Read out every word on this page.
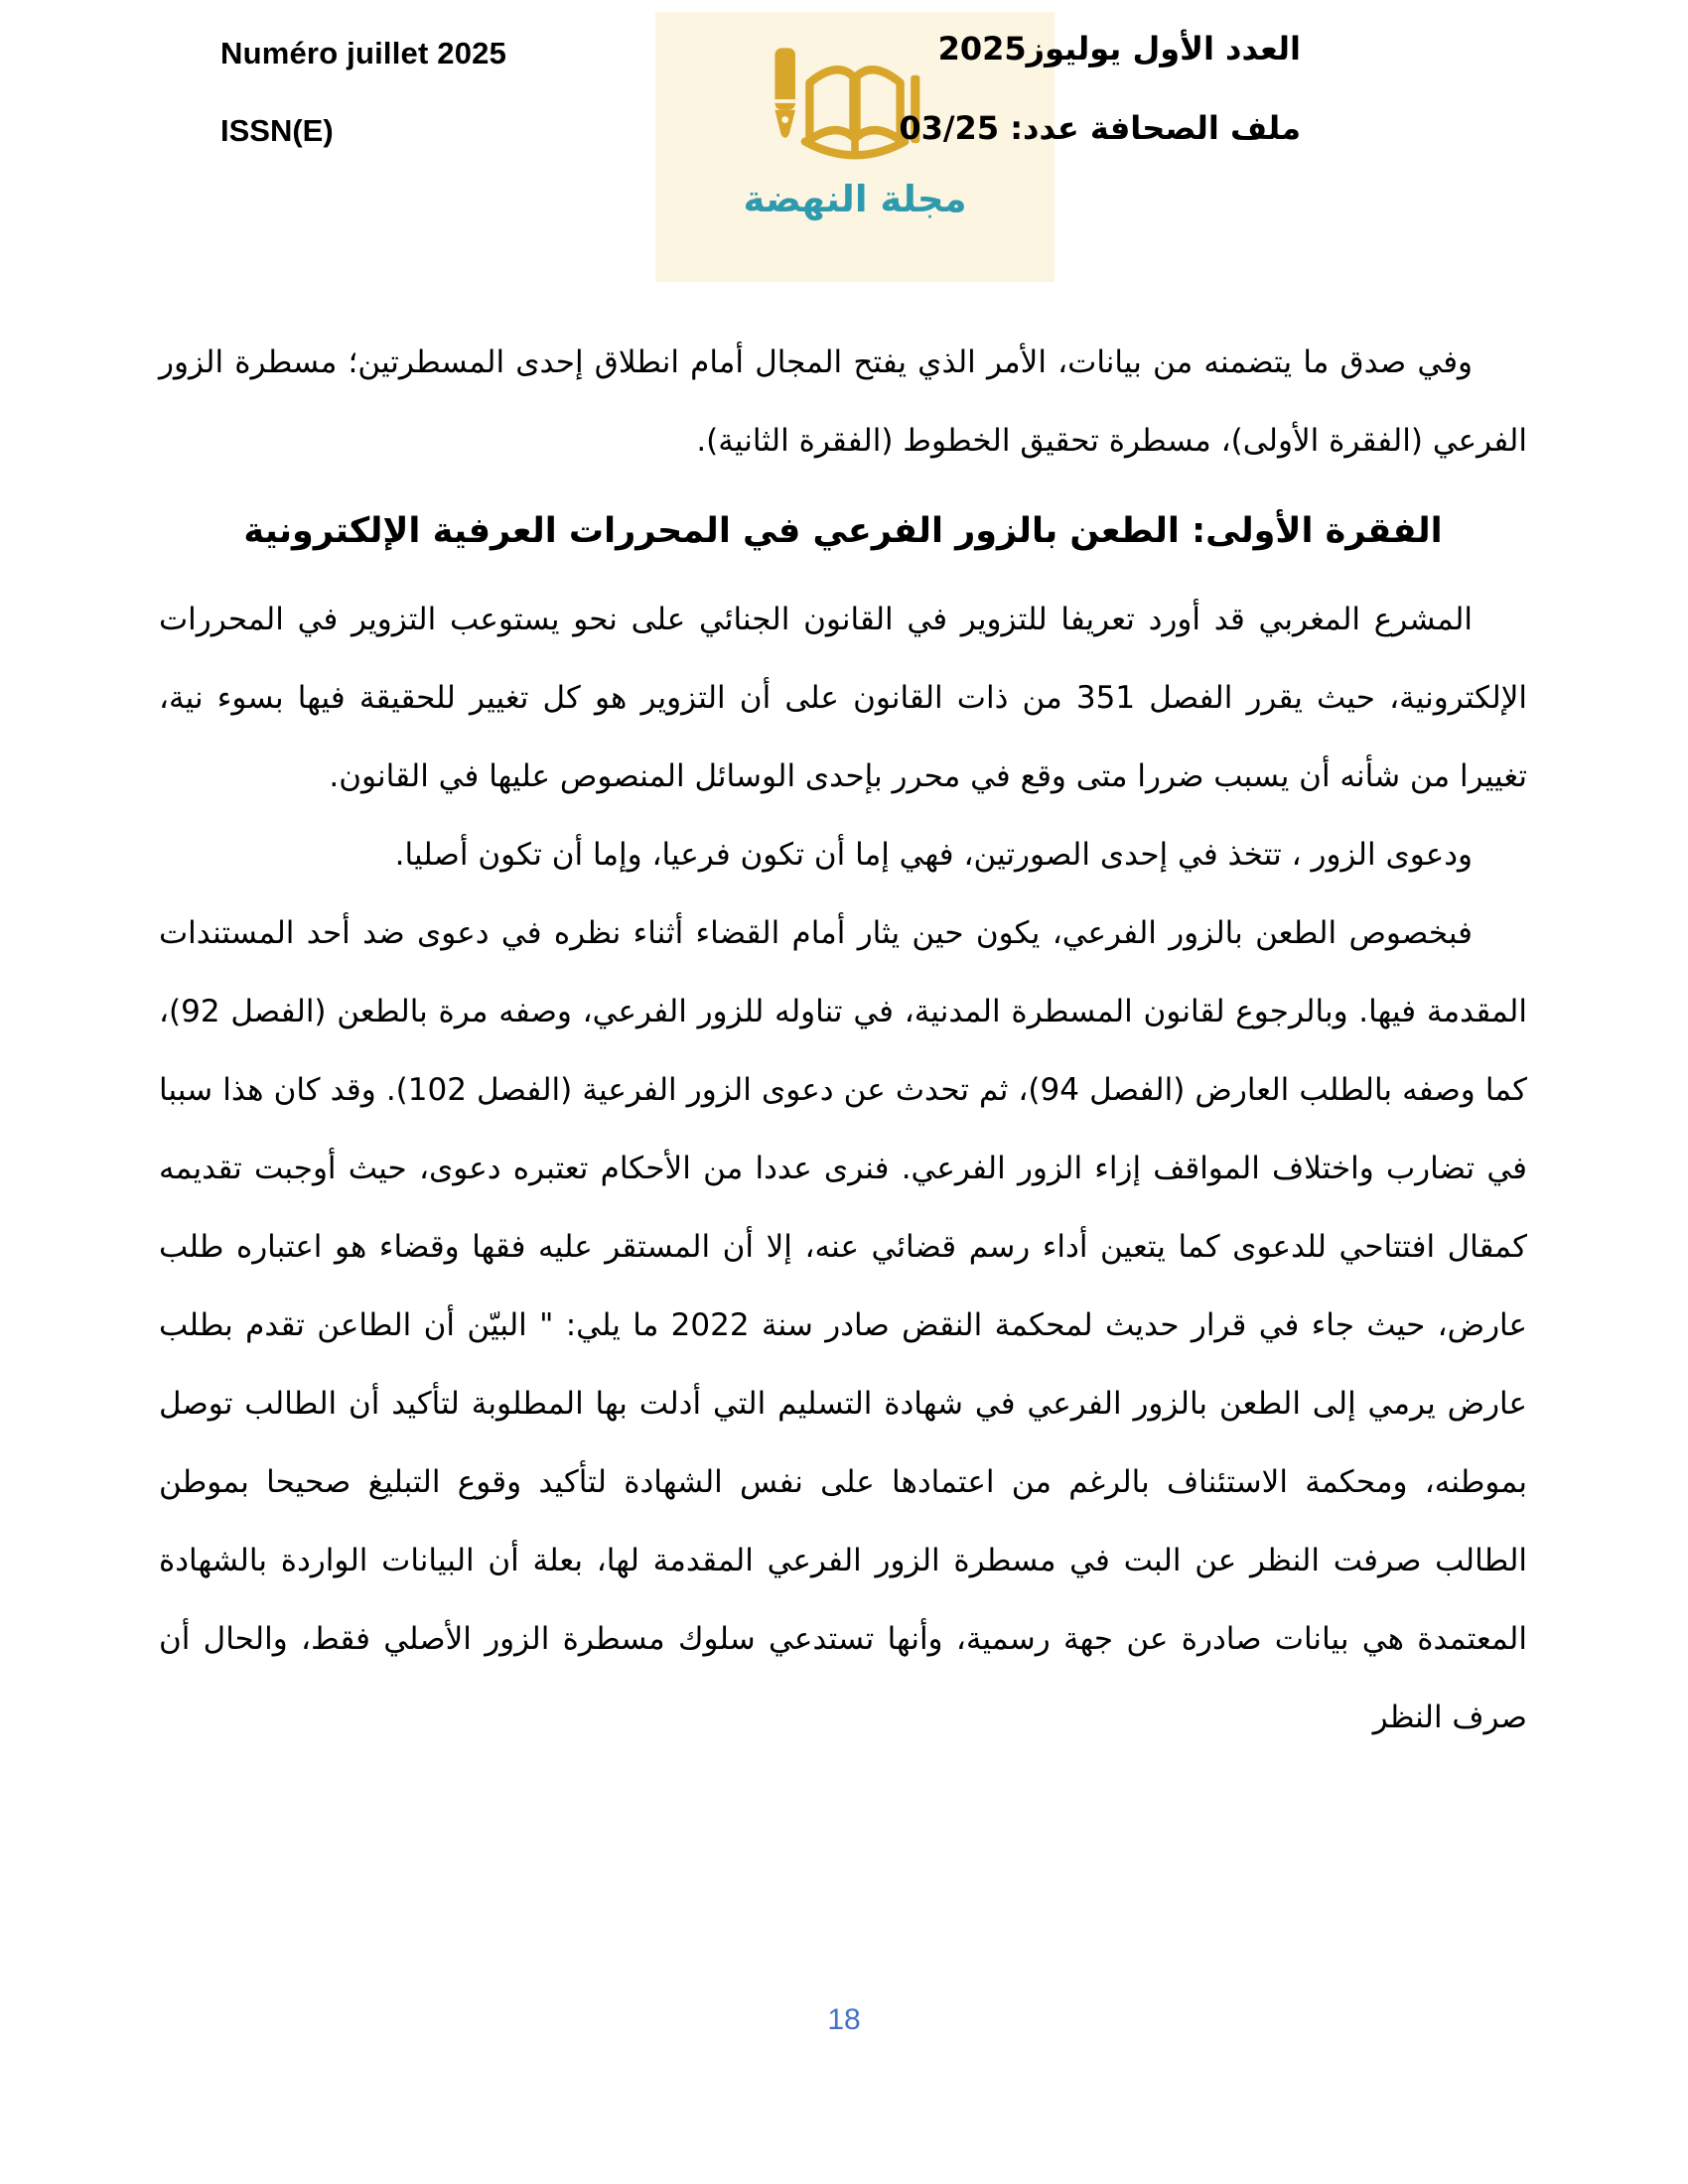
Numéro juillet 2025
ISSN(E)
مجلة النهضة
العدد الأول يوليوز2025
ملف الصحافة عدد: 03/25

وفي صدق ما يتضمنه من بيانات، الأمر الذي يفتح المجال أمام انطلاق إحدى المسطرتين؛ مسطرة الزور الفرعي (الفقرة الأولى)، مسطرة تحقيق الخطوط (الفقرة الثانية).

الفقرة الأولى: الطعن بالزور الفرعي في المحررات العرفية الإلكترونية

المشرع المغربي قد أورد تعريفا للتزوير في القانون الجنائي على نحو يستوعب التزوير في المحررات الإلكترونية، حيث يقرر الفصل 351 من ذات القانون على أن التزوير هو كل تغيير للحقيقة فيها بسوء نية، تغييرا من شأنه أن يسبب ضررا متى وقع في محرر بإحدى الوسائل المنصوص عليها في القانون.

ودعوى الزور ، تتخذ في إحدى الصورتين، فهي إما أن تكون فرعيا، وإما أن تكون أصليا.

فبخصوص الطعن بالزور الفرعي، يكون حين يثار أمام القضاء أثناء نظره في دعوى ضد أحد المستندات المقدمة فيها. وبالرجوع لقانون المسطرة المدنية، في تناوله للزور الفرعي، وصفه مرة بالطعن (الفصل 92)، كما وصفه بالطلب العارض (الفصل 94)، ثم تحدث عن دعوى الزور الفرعية (الفصل 102). وقد كان هذا سببا في تضارب واختلاف المواقف إزاء الزور الفرعي. فنرى عددا من الأحكام تعتبره دعوى، حيث أوجبت تقديمه كمقال افتتاحي للدعوى كما يتعين أداء رسم قضائي عنه، إلا أن المستقر عليه فقها وقضاء هو اعتباره طلب عارض، حيث جاء في قرار حديث لمحكمة النقض صادر سنة 2022 ما يلي: " البيّن أن الطاعن تقدم بطلب عارض يرمي إلى الطعن بالزور الفرعي في شهادة التسليم التي أدلت بها المطلوبة لتأكيد أن الطالب توصل بموطنه، ومحكمة الاستئناف بالرغم من اعتمادها على نفس الشهادة لتأكيد وقوع التبليغ صحيحا بموطن الطالب صرفت النظر عن البت في مسطرة الزور الفرعي المقدمة لها، بعلة أن البيانات الواردة بالشهادة المعتمدة هي بيانات صادرة عن جهة رسمية، وأنها تستدعي سلوك مسطرة الزور الأصلي فقط، والحال أن صرف النظر

18
